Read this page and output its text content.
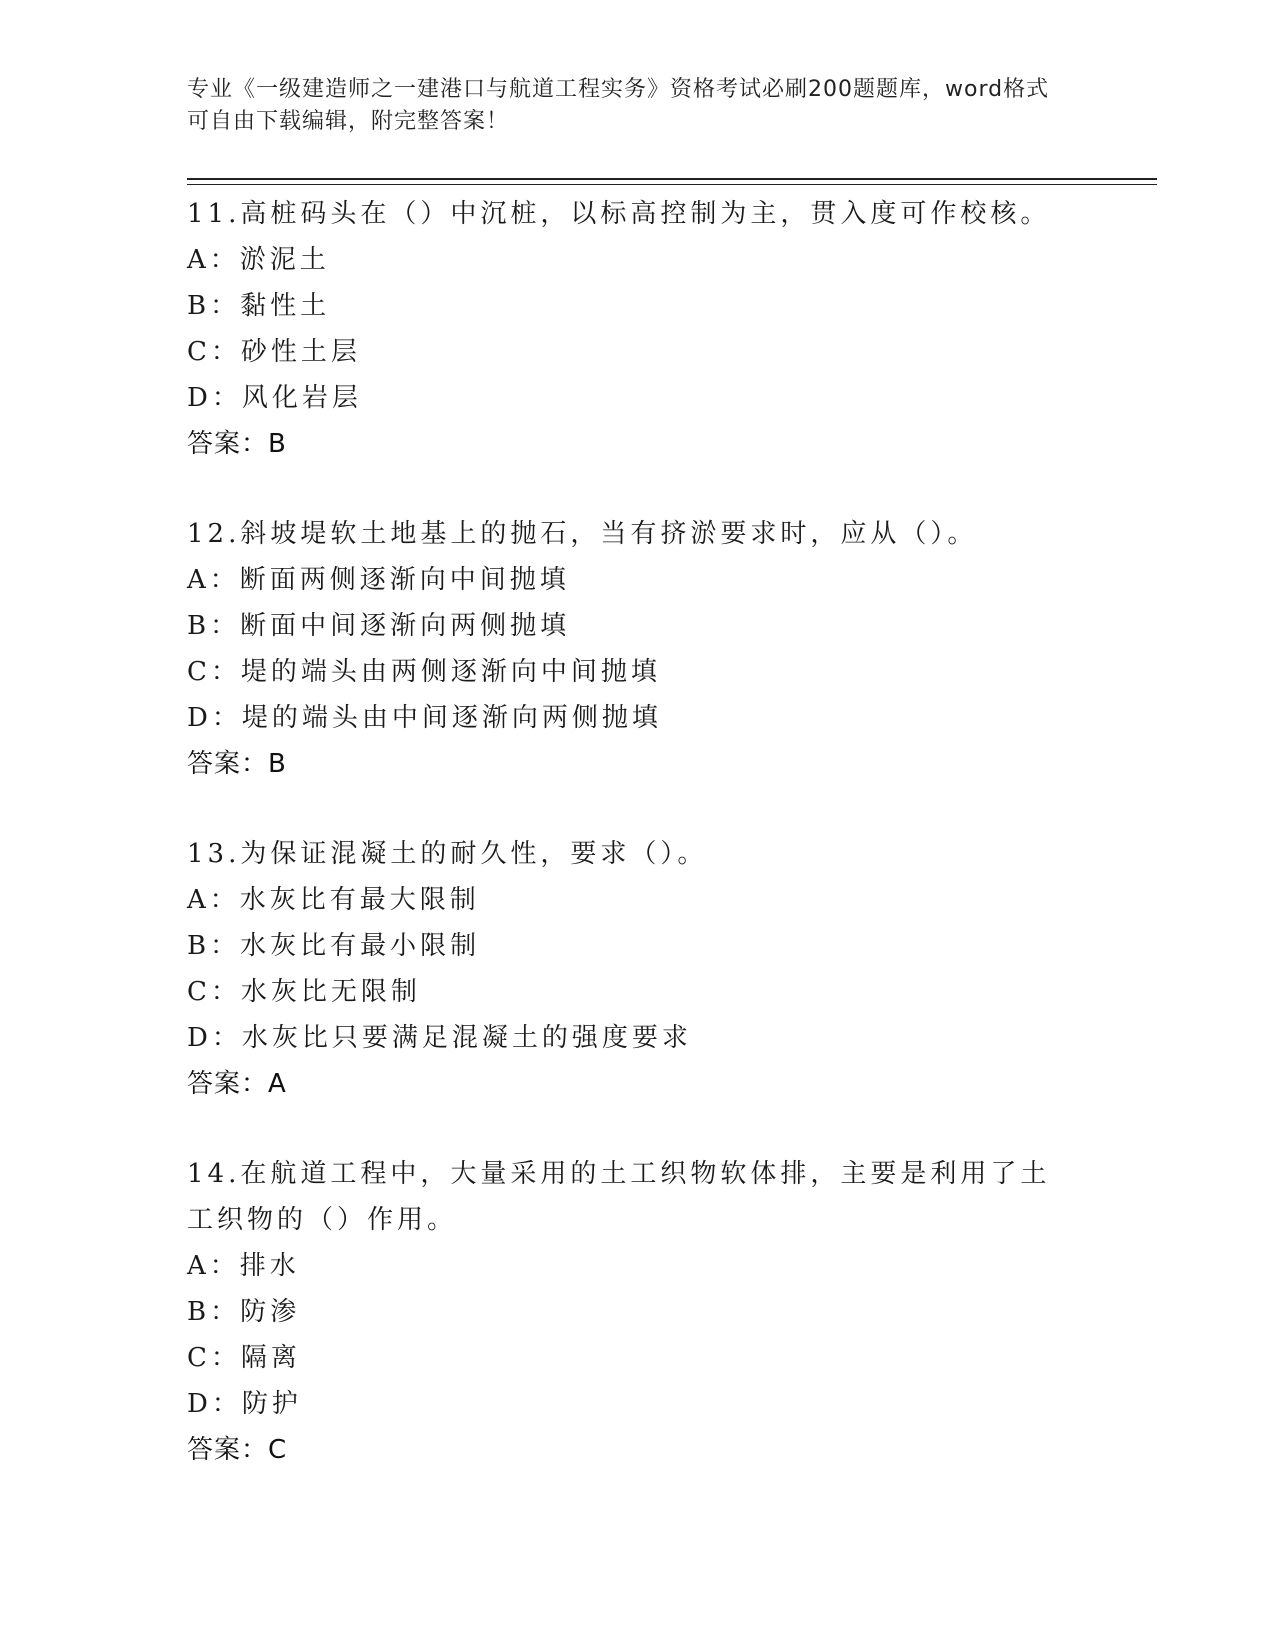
专业《一级建造师之一建港口与航道工程实务》资格考试必刷200题题库，word格式可自由下载编辑，附完整答案！
11.高桩码头在（）中沉桩，以标高控制为主，贯入度可作校核。
A：淤泥土
B：黏性土
C：砂性土层
D：风化岩层
答案：B
12.斜坡堤软土地基上的抛石，当有挤淤要求时，应从（）。
A：断面两侧逐渐向中间抛填
B：断面中间逐渐向两侧抛填
C：堤的端头由两侧逐渐向中间抛填
D：堤的端头由中间逐渐向两侧抛填
答案：B
13.为保证混凝土的耐久性，要求（）。
A：水灰比有最大限制
B：水灰比有最小限制
C：水灰比无限制
D：水灰比只要满足混凝土的强度要求
答案：A
14.在航道工程中，大量采用的土工织物软体排，主要是利用了土工织物的（）作用。
A：排水
B：防渗
C：隔离
D：防护
答案：C
